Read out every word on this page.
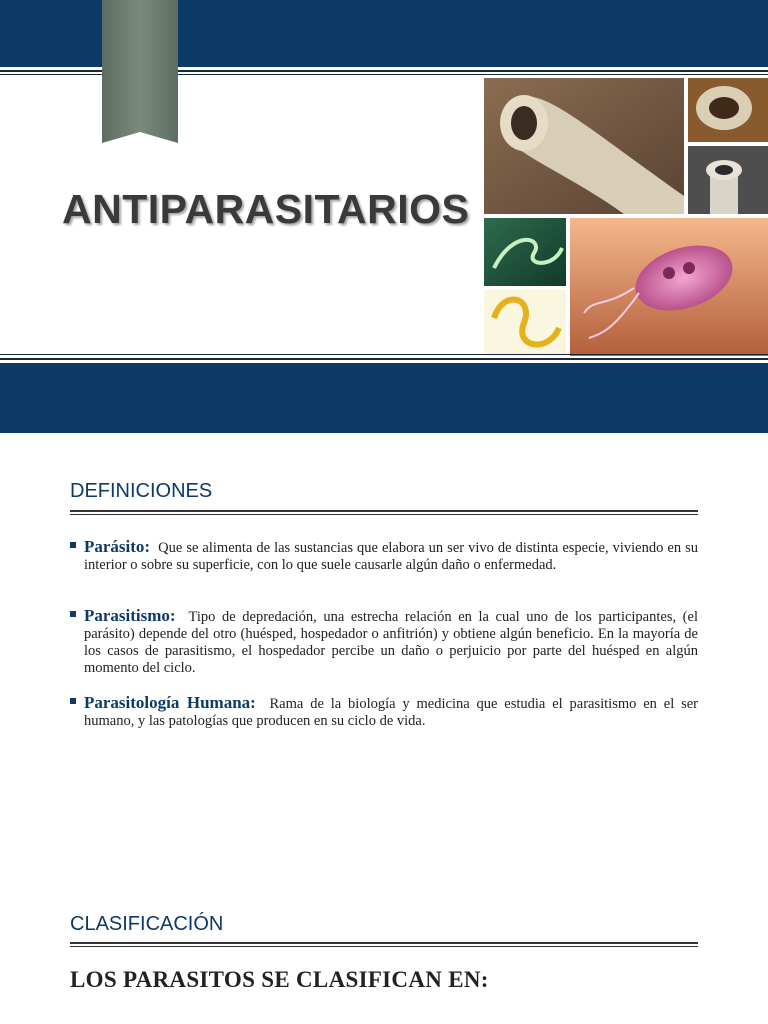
ANTIPARASITARIOS
DEFINICIONES
Parásito: Que se alimenta de las sustancias que elabora un ser vivo de distinta especie, viviendo en su interior o sobre su superficie, con lo que suele causarle algún daño o enfermedad.
Parasitismo: Tipo de depredación, una estrecha relación en la cual uno de los participantes, (el parásito) depende del otro (huésped, hospedador o anfitrión) y obtiene algún beneficio. En la mayoría de los casos de parasitismo, el hospedador percibe un daño o perjuicio por parte del huésped en algún momento del ciclo.
Parasitología Humana: Rama de la biología y medicina que estudia el parasitismo en el ser humano, y las patologías que producen en su ciclo de vida.
CLASIFICACIÓN
LOS PARASITOS SE CLASIFICAN EN:
